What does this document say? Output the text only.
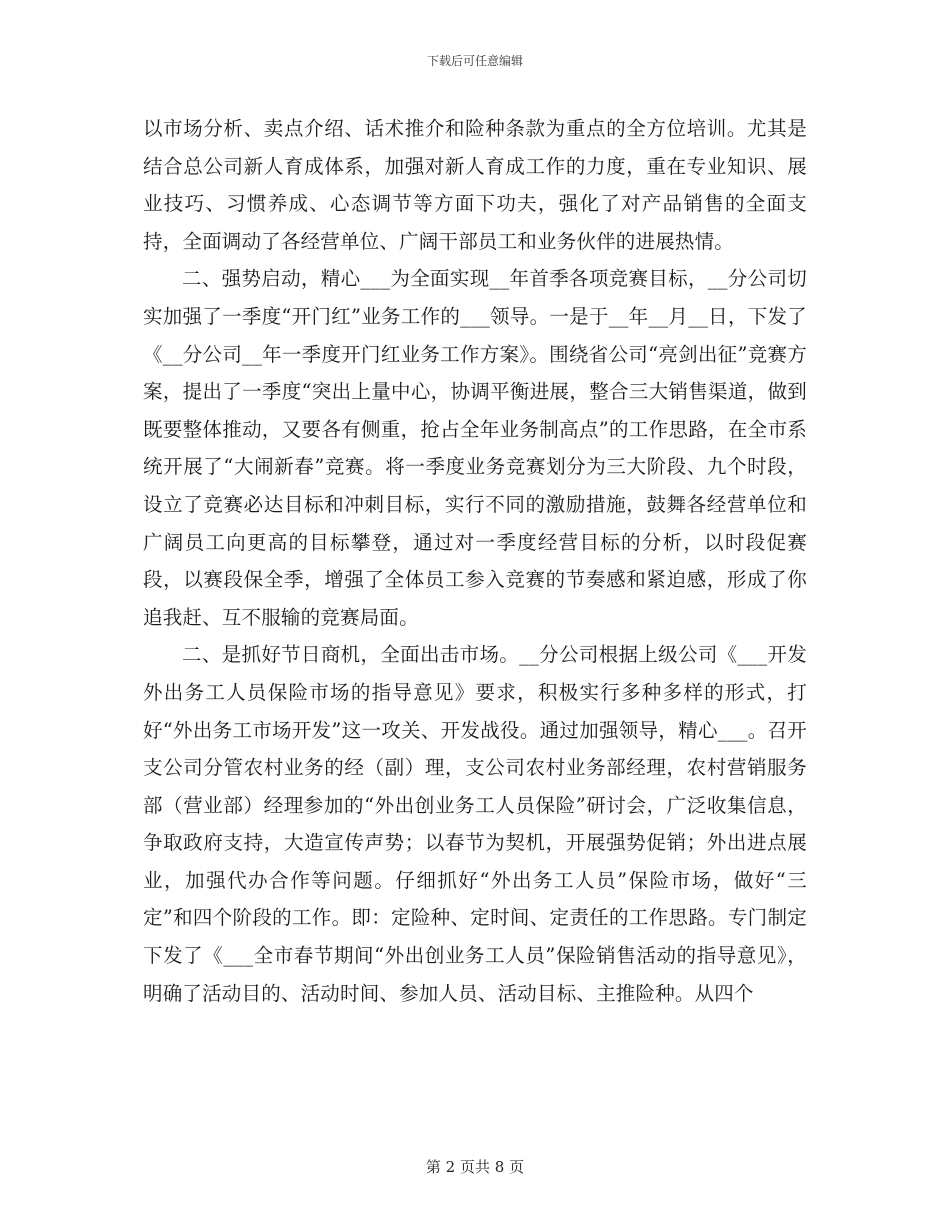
下载后可任意编辑

以市场分析、卖点介绍、话术推介和险种条款为重点的全方位培训。尤其是结合总公司新人育成体系，加强对新人育成工作的力度，重在专业知识、展业技巧、习惯养成、心态调节等方面下功夫，强化了对产品销售的全面支持，全面调动了各经营单位、广阔干部员工和业务伙伴的进展热情。

二、强势启动，精心___为全面实现__年首季各项竞赛目标，__分公司切实加强了一季度“开门红”业务工作的___领导。一是于__年__月__日，下发了《__分公司__年一季度开门红业务工作方案》。围绕省公司“亮剑出征”竞赛方案，提出了一季度“突出上量中心，协调平衡进展，整合三大销售渠道，做到既要整体推动，又要各有侧重，抢占全年业务制高点”的工作思路，在全市系统开展了“大闹新春”竞赛。将一季度业务竞赛划分为三大阶段、九个时段，设立了竞赛必达目标和冲刺目标，实行不同的激励措施，鼓舞各经营单位和广阔员工向更高的目标攀登，通过对一季度经营目标的分析，以时段促赛段，以赛段保全季，增强了全体员工参入竞赛的节奏感和紧迫感，形成了你追我赶、互不服输的竞赛局面。

二、是抓好节日商机，全面出击市场。__分公司根据上级公司《___开发外出务工人员保险市场的指导意见》要求，积极实行多种多样的形式，打好“外出务工市场开发”这一攻关、开发战役。通过加强领导，精心___。召开支公司分管农村业务的经（副）理，支公司农村业务部经理，农村营销服务部（营业部）经理参加的“外出创业务工人员保险”研讨会，广泛收集信息，争取政府支持，大造宣传声势；以春节为契机，开展强势促销；外出进点展业，加强代办合作等问题。仔细抓好“外出务工人员”保险市场，做好“三定”和四个阶段的工作。即：定险种、定时间、定责任的工作思路。专门制定下发了《___全市春节期间“外出创业务工人员”保险销售活动的指导意见》，明确了活动目的、活动时间、参加人员、活动目标、主推险种。从四个

第 2 页共 8 页
